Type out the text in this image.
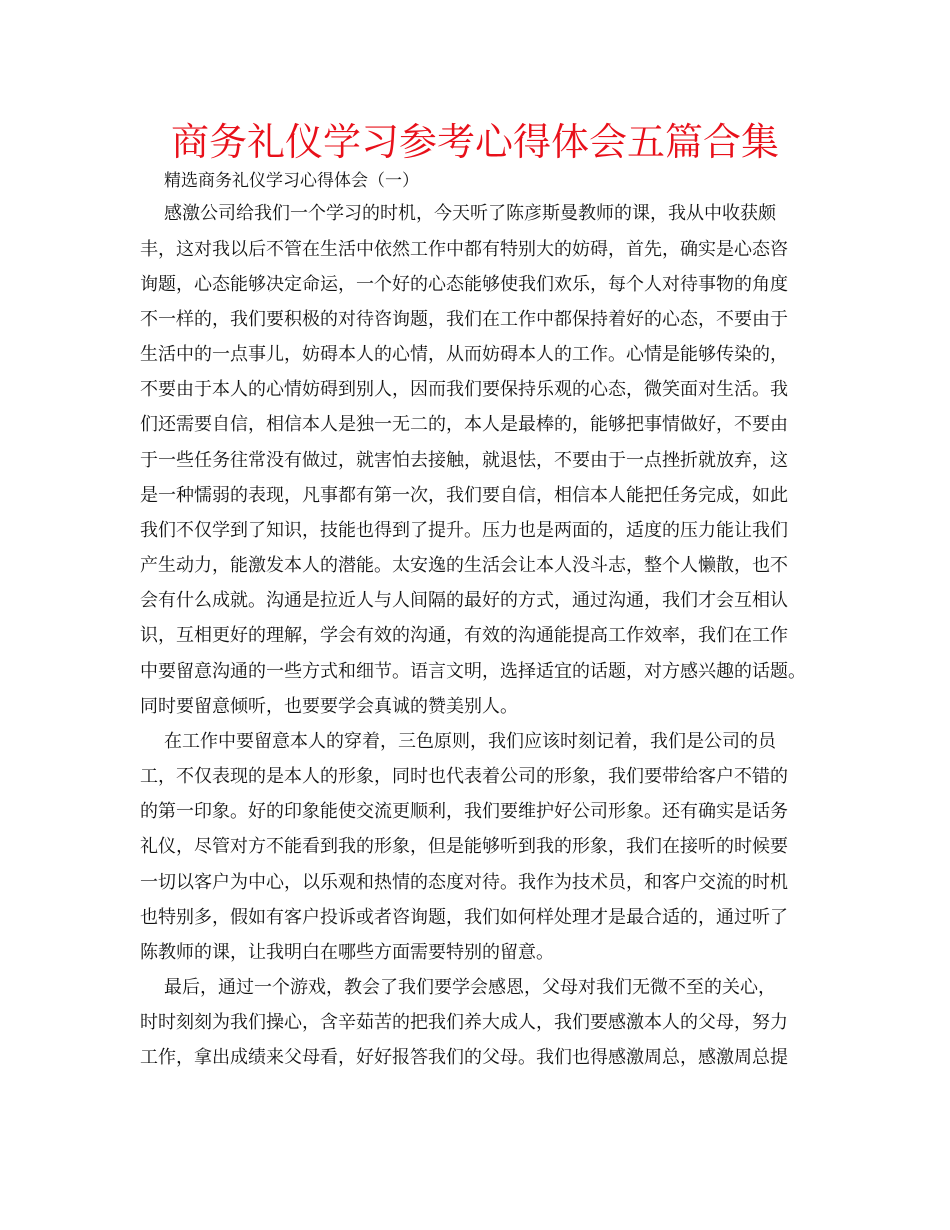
商务礼仪学习参考心得体会五篇合集

精选商务礼仪学习心得体会（一）

感激公司给我们一个学习的时机，今天听了陈彦斯曼教师的课，我从中收获颇

丰，这对我以后不管在生活中依然工作中都有特别大的妨碍，首先，确实是心态咨

询题，心态能够决定命运，一个好的心态能够使我们欢乐，每个人对待事物的角度

不一样的，我们要积极的对待咨询题，我们在工作中都保持着好的心态，不要由于

生活中的一点事儿，妨碍本人的心情，从而妨碍本人的工作。心情是能够传染的，

不要由于本人的心情妨碍到别人，因而我们要保持乐观的心态，微笑面对生活。我

们还需要自信，相信本人是独一无二的，本人是最棒的，能够把事情做好，不要由

于一些任务往常没有做过，就害怕去接触，就退怯，不要由于一点挫折就放弃，这

是一种懦弱的表现，凡事都有第一次，我们要自信，相信本人能把任务完成，如此

我们不仅学到了知识，技能也得到了提升。压力也是两面的，适度的压力能让我们

产生动力，能激发本人的潜能。太安逸的生活会让本人没斗志，整个人懒散，也不

会有什么成就。沟通是拉近人与人间隔的最好的方式，通过沟通，我们才会互相认

识，互相更好的理解，学会有效的沟通，有效的沟通能提高工作效率，我们在工作

中要留意沟通的一些方式和细节。语言文明，选择适宜的话题，对方感兴趣的话题。

同时要留意倾听，也要要学会真诚的赞美别人。

在工作中要留意本人的穿着，三色原则，我们应该时刻记着，我们是公司的员

工，不仅表现的是本人的形象，同时也代表着公司的形象，我们要带给客户不错的

的第一印象。好的印象能使交流更顺利，我们要维护好公司形象。还有确实是话务

礼仪，尽管对方不能看到我的形象，但是能够听到我的形象，我们在接听的时候要

一切以客户为中心，以乐观和热情的态度对待。我作为技术员，和客户交流的时机

也特别多，假如有客户投诉或者咨询题，我们如何样处理才是最合适的，通过听了

陈教师的课，让我明白在哪些方面需要特别的留意。

最后，通过一个游戏，教会了我们要学会感恩，父母对我们无微不至的关心，

时时刻刻为我们操心，含辛茹苦的把我们养大成人，我们要感激本人的父母，努力

工作，拿出成绩来父母看，好好报答我们的父母。我们也得感激周总，感激周总提
